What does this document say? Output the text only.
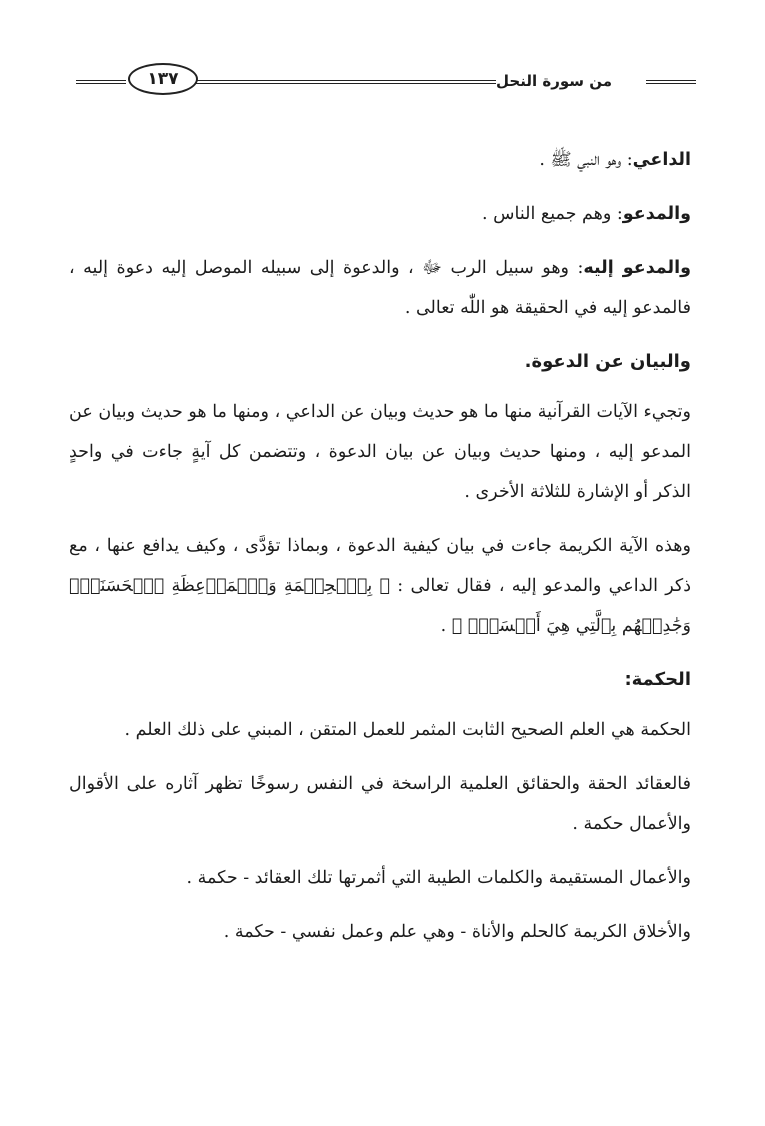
من سورة النحل
١٣٧

الداعي: وهو النبي ﷺ .

والمدعو: وهم جميع الناس .

والمدعو إليه: وهو سبيل الرب ﷻ ، والدعوة إلى سبيله الموصل إليه دعوة إليه ، فالمدعو إليه في الحقيقة هو اللّٰه تعالى .

والبيان عن الدعوة.

وتجيء الآيات القرآنية منها ما هو حديث وبيان عن الداعي ، ومنها ما هو حديث وبيان عن المدعو إليه ، ومنها حديث وبيان عن بيان الدعوة ، وتتضمن كل آيةٍ جاءت في واحدٍ الذكر أو الإشارة للثلاثة الأخرى .

وهذه الآية الكريمة جاءت في بيان كيفية الدعوة ، وبماذا تؤدَّى ، وكيف يدافع عنها ، مع ذكر الداعي والمدعو إليه ، فقال تعالى : ﴿ بِٱلۡحِكۡمَةِ وَٱلۡمَوۡعِظَةِ ٱلۡحَسَنَةِۖ وَجَٰدِلۡهُم بِٱلَّتِي هِيَ أَحۡسَنُۚ ﴾ .

الحكمة:

الحكمة هي العلم الصحيح الثابت المثمر للعمل المتقن ، المبني على ذلك العلم .

فالعقائد الحقة والحقائق العلمية الراسخة في النفس رسوخًا تظهر آثاره على الأقوال والأعمال حكمة .

والأعمال المستقيمة والكلمات الطيبة التي أثمرتها تلك العقائد - حكمة .

والأخلاق الكريمة كالحلم والأناة - وهي علم وعمل نفسي - حكمة .
